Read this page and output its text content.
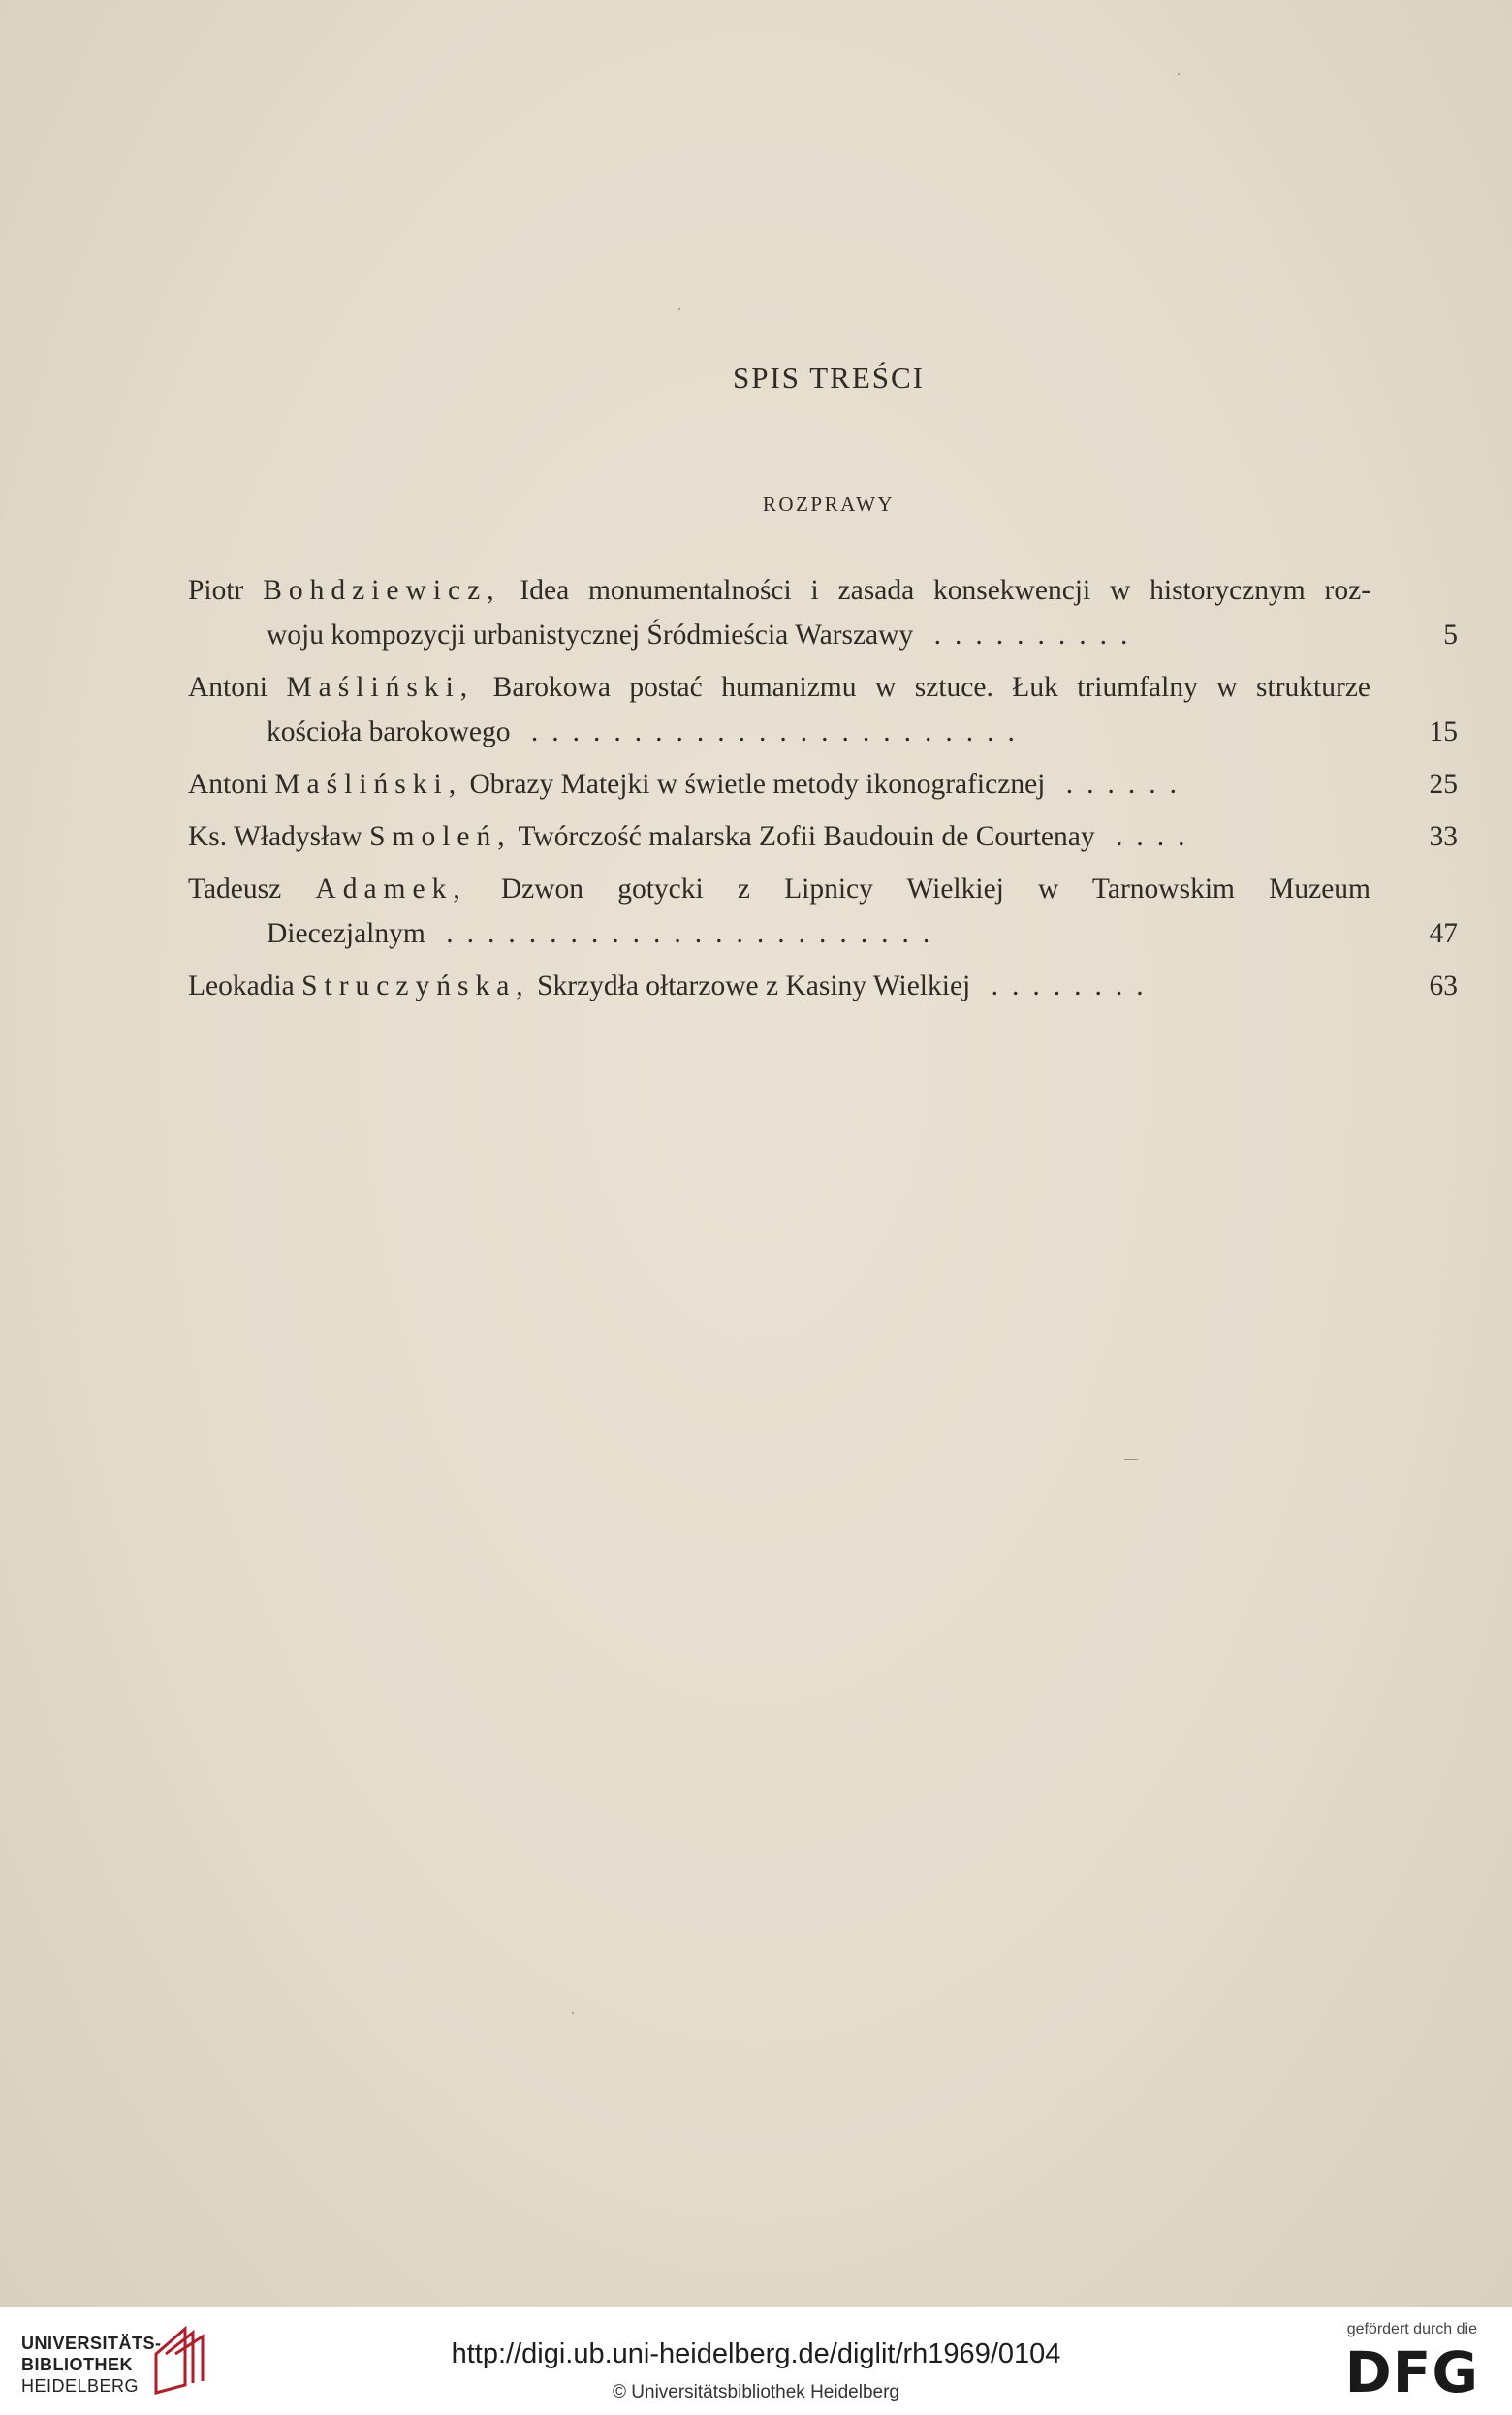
SPIS TREŚCI
ROZPRAWY
Piotr Bohdziewicz, Idea monumentalności i zasada konsekwencji w historycznym roz-
woju kompozycji urbanistycznej Śródmieścia Warszawy ..........	5
Antoni Maśliński, Barokowa postać humanizmu w sztuce. Łuk triumfalny w strukturze
kościoła barokowego ........................	15
Antoni Maśliński, Obrazy Matejki w świetle metody ikonograficznej ......	25
Ks. Władysław Smoleń, Twórczość malarska Zofii Baudouin de Courtenay ....	33
Tadeusz Adamek, Dzwon gotycki z Lipnicy Wielkiej w Tarnowskim Muzeum
Diecezjalnym ........................	47
Leokadia Struczyńska, Skrzydła ołtarzowe z Kasiny Wielkiej ........	63
UNIVERSITÄTS-
BIBLIOTHEK
HEIDELBERG
http://digi.ub.uni-heidelberg.de/diglit/rh1969/0104
© Universitätsbibliothek Heidelberg
gefördert durch die
DFG
